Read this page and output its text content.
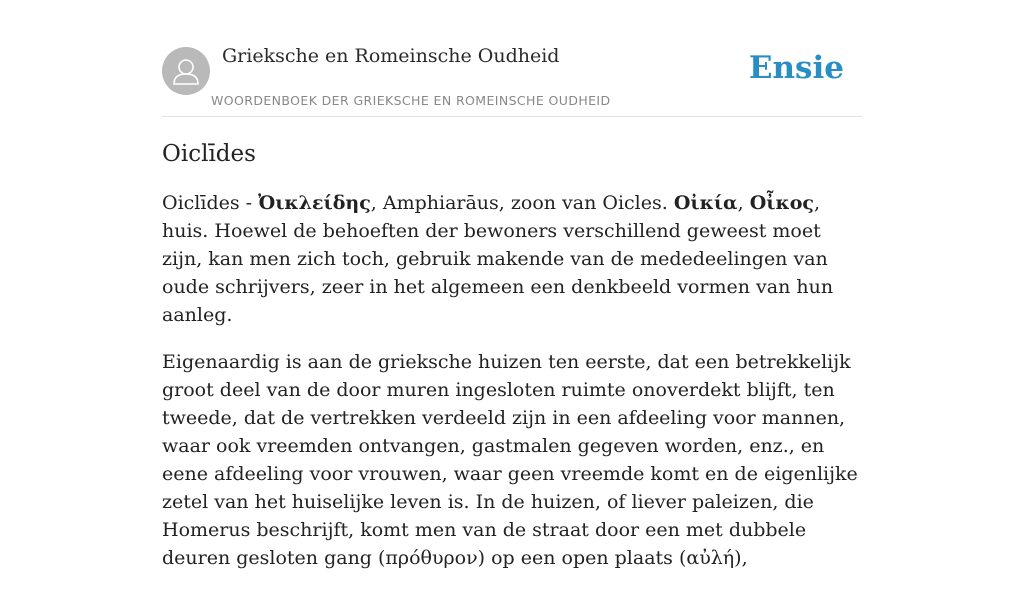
Grieksche en Romeinsche Oudheid
WOORDENBOEK DER GRIEKSCHE EN ROMEINSCHE OUDHEID
Ensie
Oiclīdes

Oiclīdes - Ὀικλείδης, Amphiarāus, zoon van Oicles. Οἰκία, Οἶκος, huis. Hoewel de behoeften der bewoners verschillend geweest moet zijn, kan men zich toch, gebruik makende van de mededeelingen van oude schrijvers, zeer in het algemeen een denkbeeld vormen van hun aanleg.

Eigenaardig is aan de grieksche huizen ten eerste, dat een betrekkelijk groot deel van de door muren ingesloten ruimte onoverdekt blijft, ten tweede, dat de vertrekken verdeeld zijn in een afdeeling voor mannen, waar ook vreemden ontvangen, gastmalen gegeven worden, enz., en eene afdeeling voor vrouwen, waar geen vreemde komt en de eigenlijke zetel van het huiselijke leven is. In de huizen, of liever paleizen, die Homerus beschrijft, komt men van de straat door een met dubbele deuren gesloten gang (πρόθυρον) op een open plaats (αὐλή),
